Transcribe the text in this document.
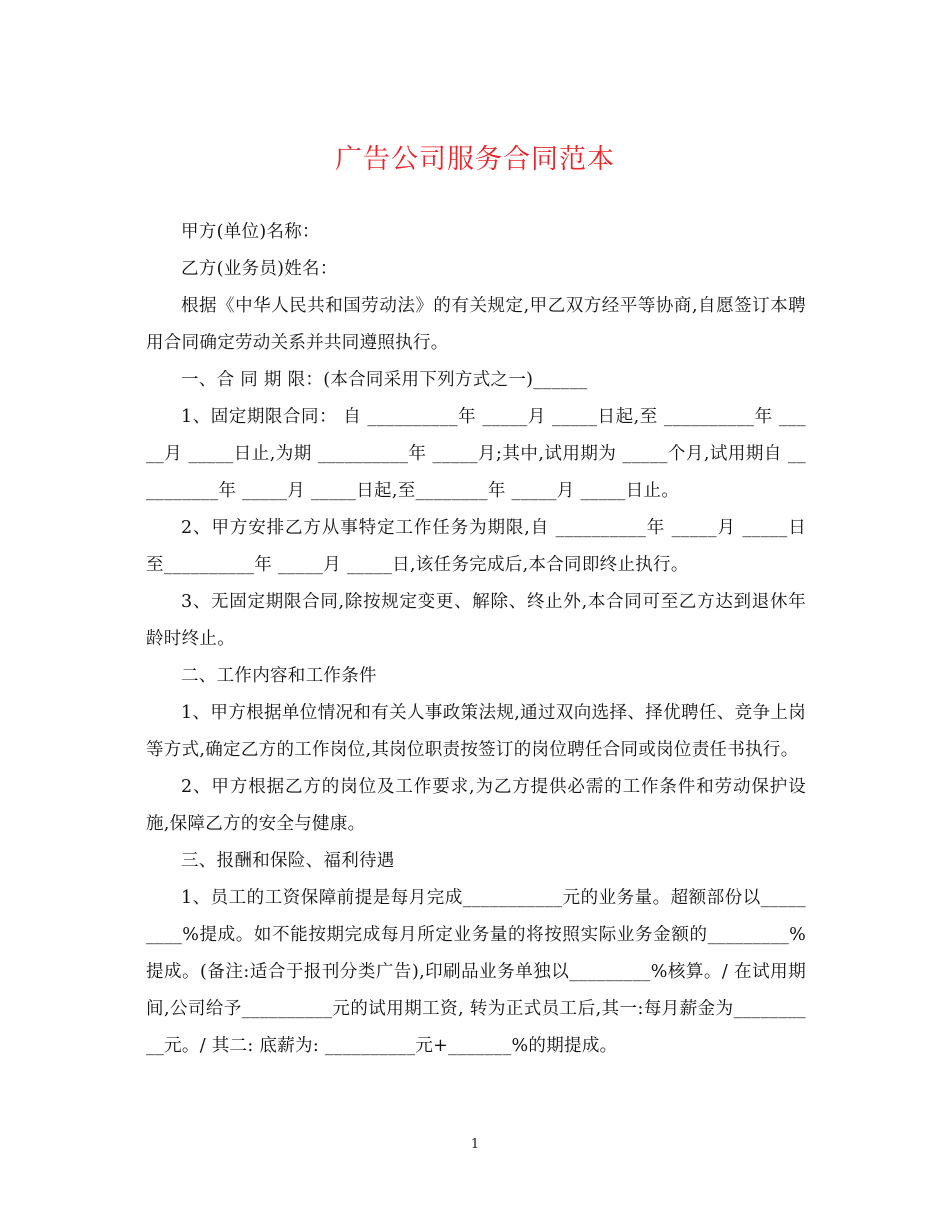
广告公司服务合同范本

甲方(单位)名称：

乙方(业务员)姓名：

根据《中华人民共和国劳动法》的有关规定,甲乙双方经平等协商,自愿签订本聘用合同确定劳动关系并共同遵照执行。

一、合 同 期 限：(本合同采用下列方式之一)______

1、固定期限合同： 自 __________年 _____月 _____日起,至 __________年 _____月 _____日止,为期 __________年 _____月;其中,试用期为 _____个月,试用期自 __________年 _____月 _____日起,至________年 _____月 _____日止。

2、甲方安排乙方从事特定工作任务为期限,自 __________年 _____月 _____日至__________年 _____月 _____日,该任务完成后,本合同即终止执行。

3、无固定期限合同,除按规定变更、解除、终止外,本合同可至乙方达到退休年龄时终止。

二、工作内容和工作条件

1、甲方根据单位情况和有关人事政策法规,通过双向选择、择优聘任、竞争上岗等方式,确定乙方的工作岗位,其岗位职责按签订的岗位聘任合同或岗位责任书执行。

2、甲方根据乙方的岗位及工作要求,为乙方提供必需的工作条件和劳动保护设施,保障乙方的安全与健康。

三、报酬和保险、福利待遇

1、员工的工资保障前提是每月完成___________元的业务量。超额部份以_________%提成。如不能按期完成每月所定业务量的将按照实际业务金额的_________%提成。(备注:适合于报刊分类广告),印刷品业务单独以_________%核算。/ 在试用期间,公司给予__________元的试用期工资, 转为正式员工后,其一:每月薪金为__________元。/ 其二: 底薪为: __________元+_______%的期提成。

1
